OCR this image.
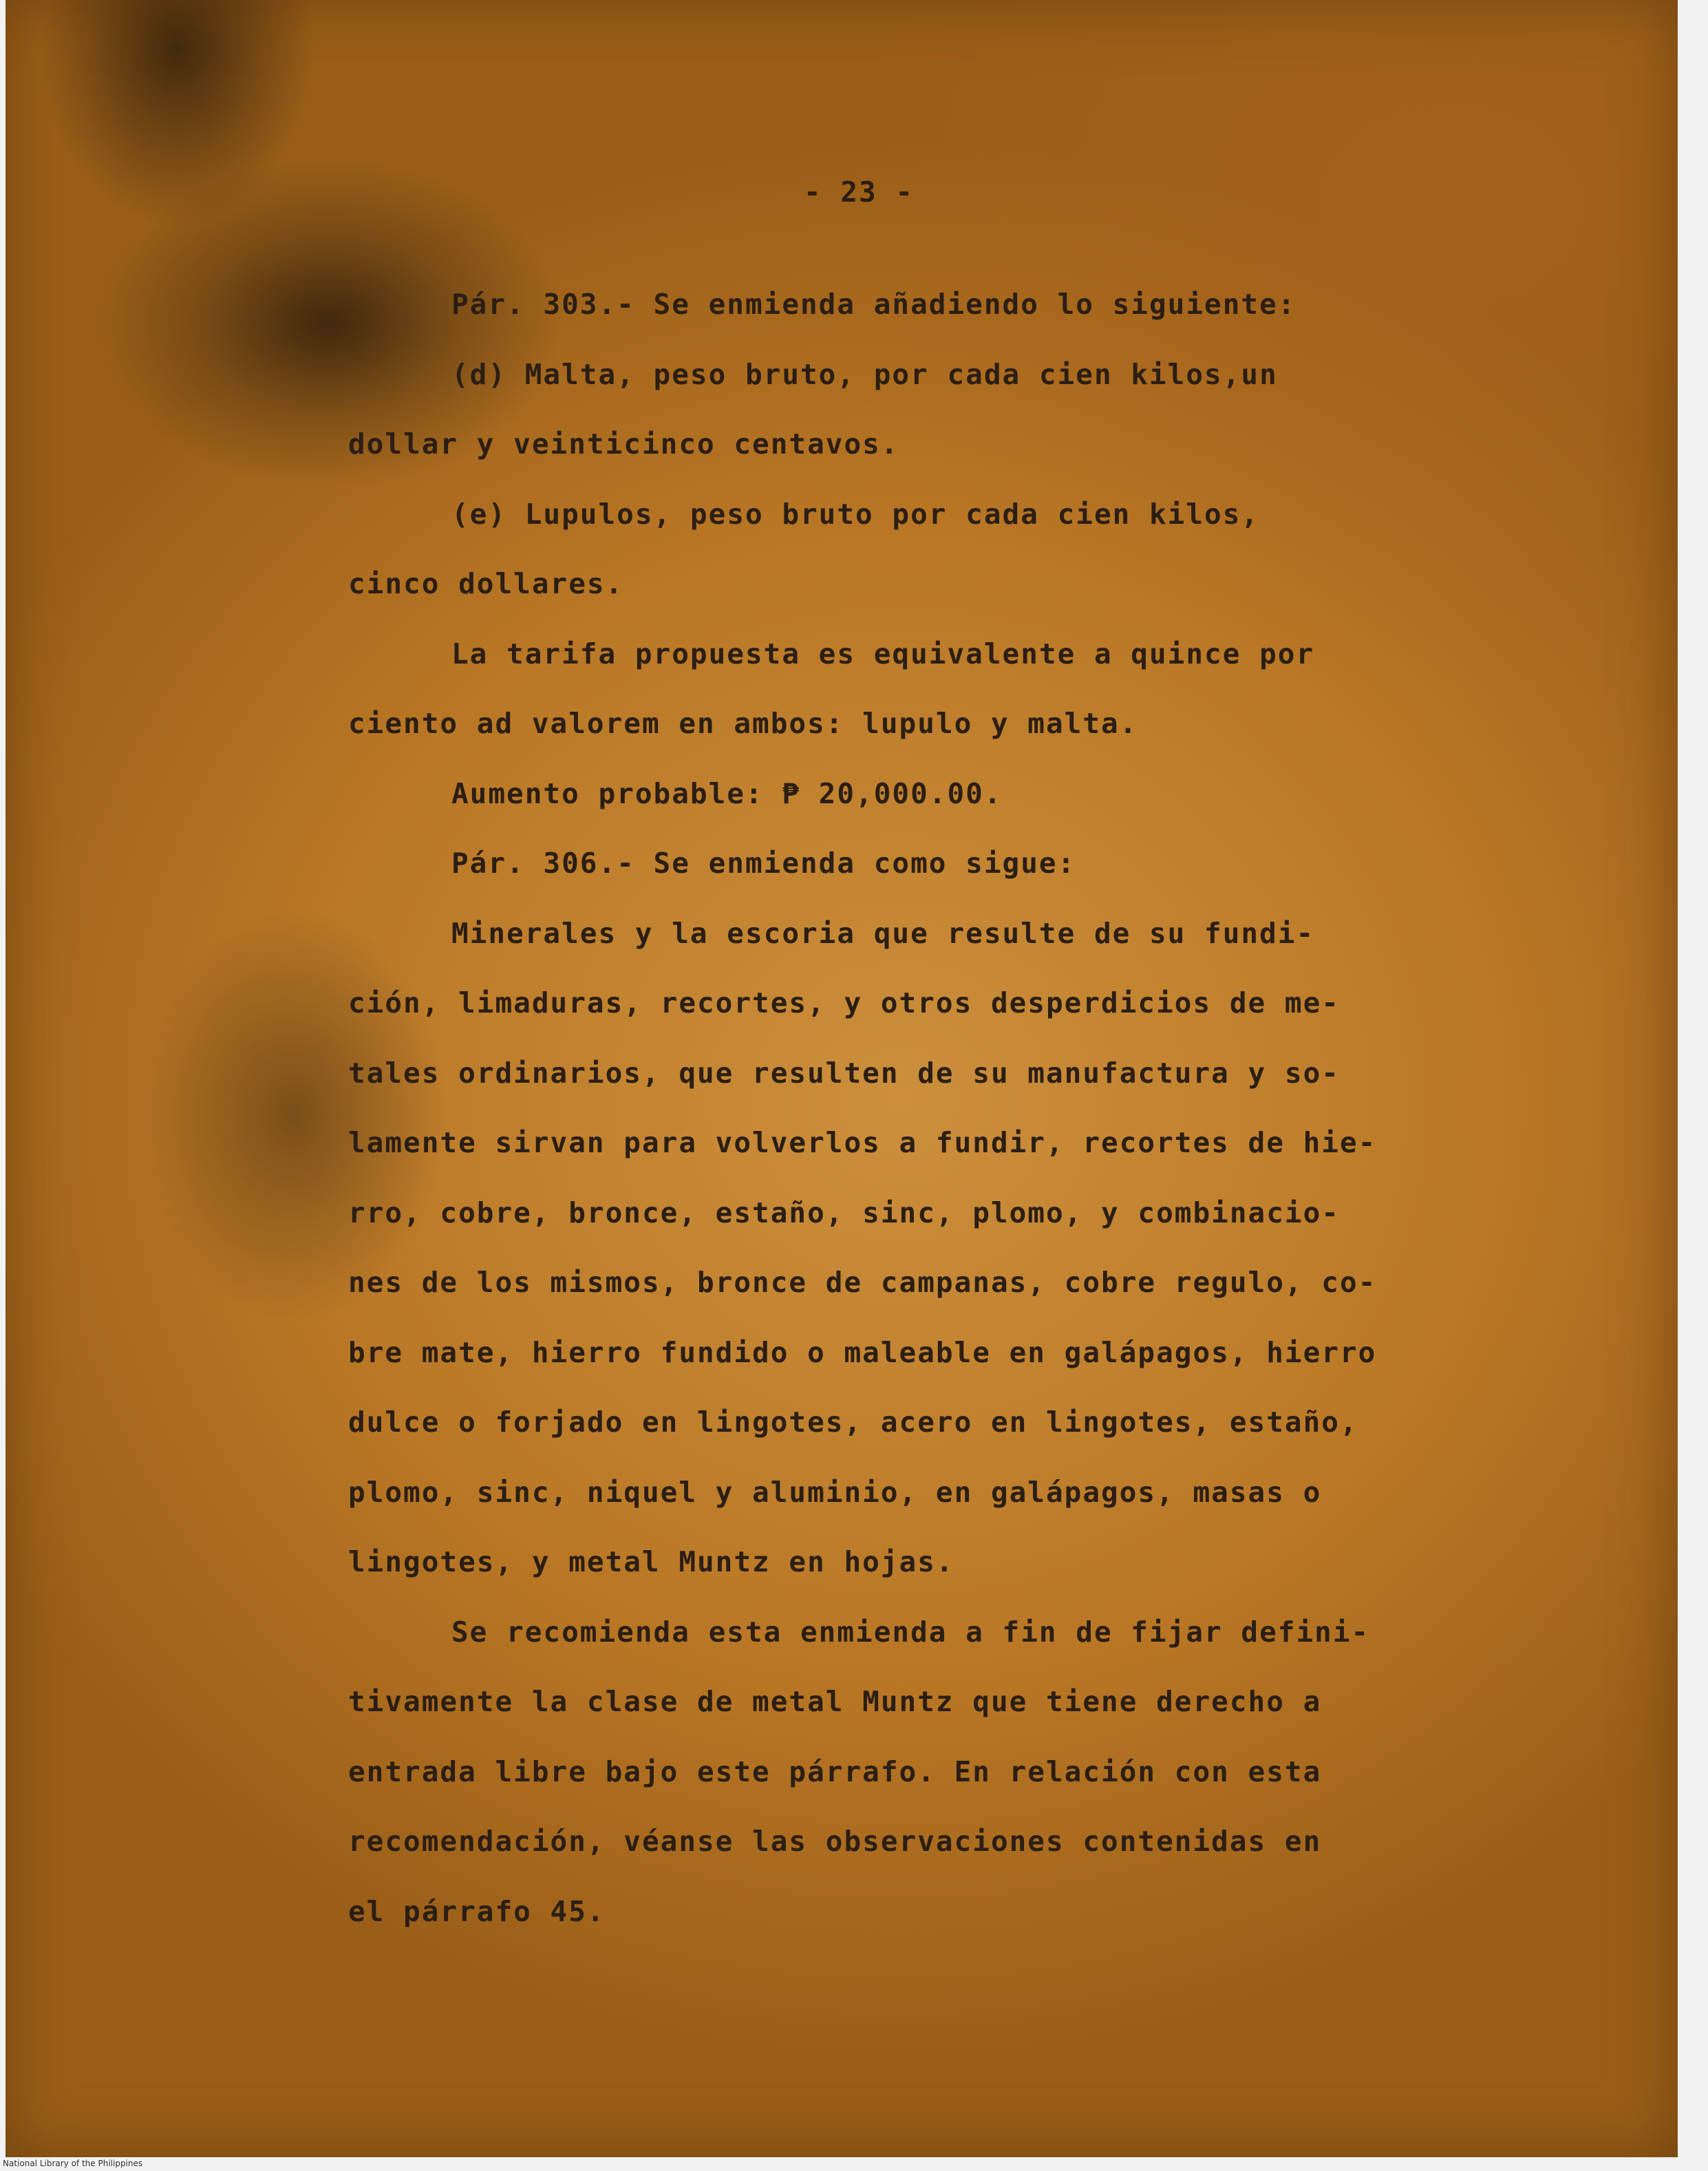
- 23 -
Pár. 303.- Se enmienda añadiendo lo siguiente:
(d) Malta, peso bruto, por cada cien kilos,un
dollar y veinticinco centavos.
(e) Lupulos, peso bruto por cada cien kilos,
cinco dollares.
La tarifa propuesta es equivalente a quince por
ciento ad valorem en ambos: lupulo y malta.
Aumento probable: ₱ 20,000.00.
Pár. 306.- Se enmienda como sigue:
Minerales y la escoria que resulte de su fundi-
ción, limaduras, recortes, y otros desperdicios de me-
tales ordinarios, que resulten de su manufactura y so-
lamente sirvan para volverlos a fundir, recortes de hie-
rro, cobre, bronce, estaño, sinc, plomo, y combinacio-
nes de los mismos, bronce de campanas, cobre regulo, co-
bre mate, hierro fundido o maleable en galápagos, hierro
dulce o forjado en lingotes, acero en lingotes, estaño,
plomo, sinc, niquel y aluminio, en galápagos, masas o
lingotes, y metal Muntz en hojas.
Se recomienda esta enmienda a fin de fijar defini-
tivamente la clase de metal Muntz que tiene derecho a
entrada libre bajo este párrafo. En relación con esta
recomendación, véanse las observaciones contenidas en
el párrafo 45.
National Library of the Philippines
